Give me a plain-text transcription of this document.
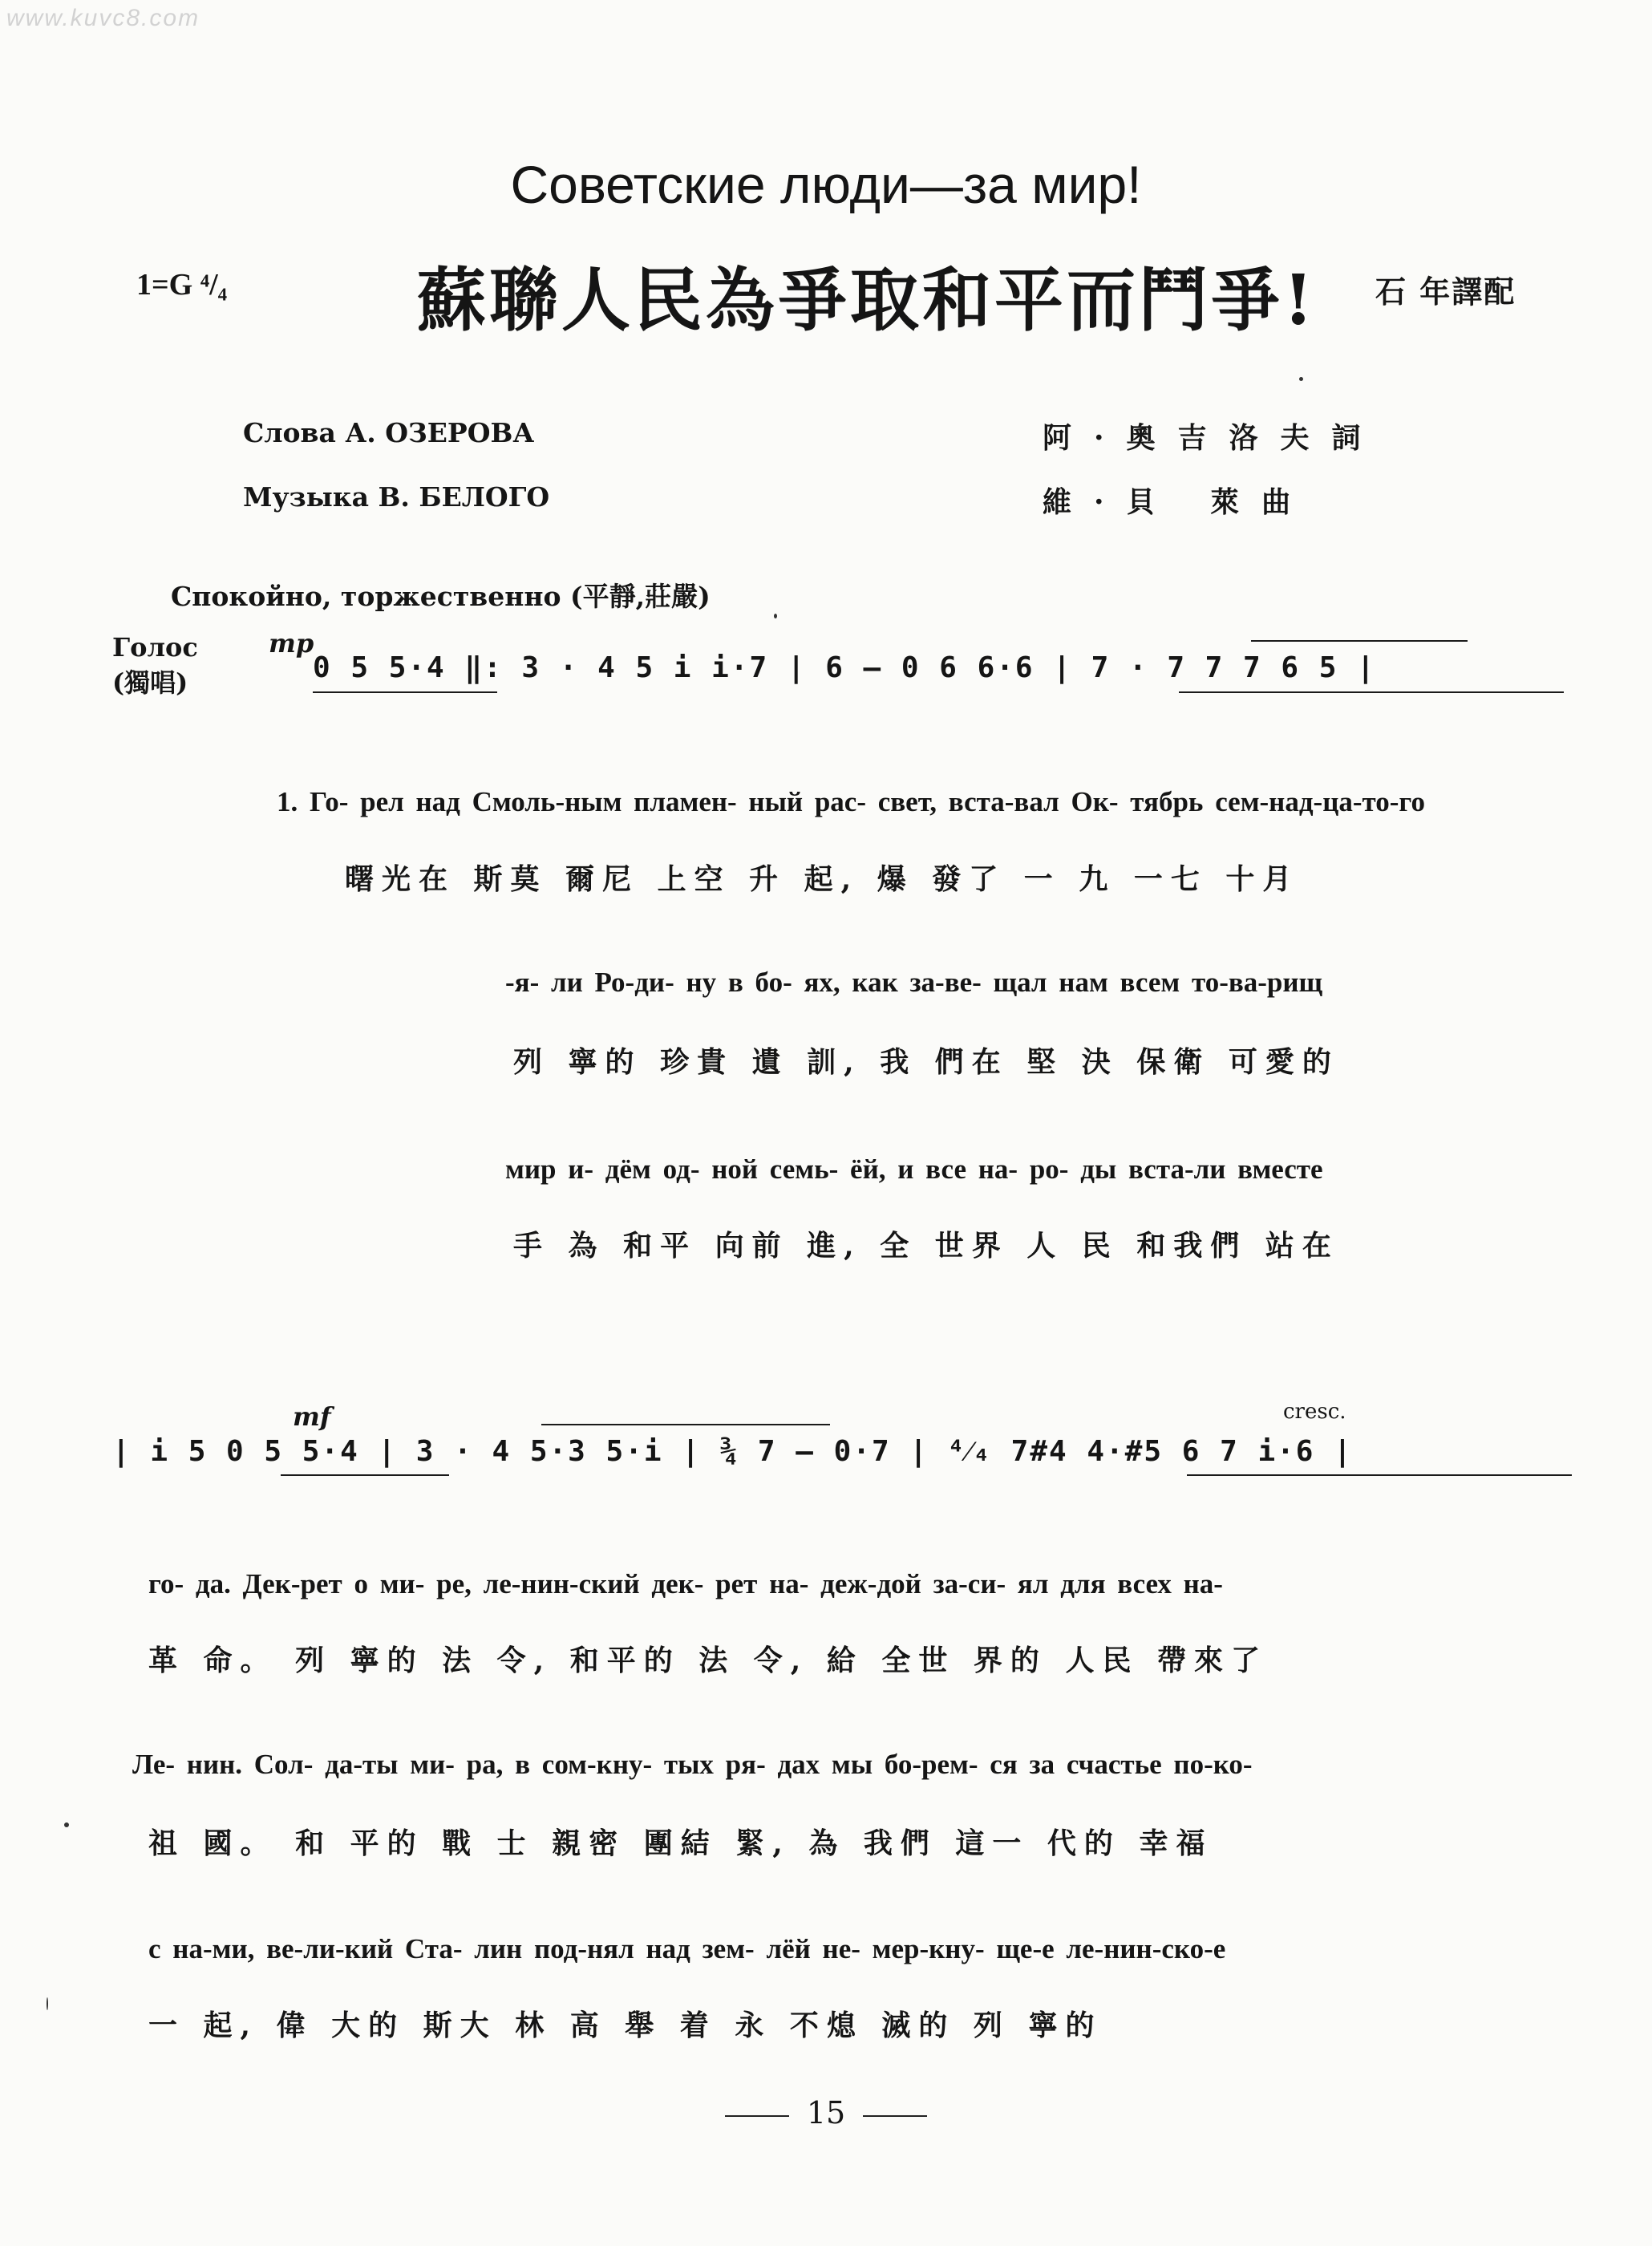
www.kuvc8.com
Советские люди—за мир!
1=G ⁴/₄	蘇聯人民為爭取和平而鬥爭! 石 年譯配
Слова А. ОЗЕРОВА
Музыка В. БЕЛОГО
阿·奧吉洛夫詞
維·貝 萊曲
Спокойно, торжественно (平靜,莊嚴)
Голос
(獨唱)
mp
0 5 5·4 ‖: 3 · 4 5 i i·7 | 6 — 0 6 6·6 | 7 · 7 7 7 6 5 |
1. Го- рел над Смоль-ным пламен- ный рас- свет, вста-вал Ок- тябрь сем-над-ца-то-го
曙光在 斯莫 爾尼 上空 升 起, 爆 發了 一 九 一七 十月
-я- ли Ро-ди- ну в бо- ях, как за-ве- щал нам всем то-ва-рищ
列 寧的 珍貴 遺 訓, 我 們在 堅 決 保衛 可愛的
мир и- дём од- ной семь- ёй, и все на- ро- ды вста-ли вместе
手 為 和平 向前 進, 全 世界 人 民 和我們 站在
mf	cresc.
| i 5 0 5 5·4 | 3 · 4 5·3 5·i | ¾ 7 — 0·7 | ⁴⁄₄ 7#4 4·#5 6 7 i·6 |
го- да. Дек-рет о ми- ре, ле-нин-ский дек- рет на- деж-дой за-си- ял для всех на-
革 命。 列 寧的 法 令, 和平的 法 令, 給 全世 界的 人民 帶來了
Ле- нин. Сол- да-ты ми- ра, в сом-кну- тых ря- дах мы бо-рем- ся за счастье по-ко-
祖 國。 和 平的 戰 士 親密 團結 緊, 為 我們 這一 代的 幸福
с на-ми, ве-ли-кий Ста- лин под-нял над зем- лёй не- мер-кну- ще-е ле-нин-ско-е
一 起, 偉 大的 斯大 林 高 舉 着 永 不熄 滅的 列 寧的
15
